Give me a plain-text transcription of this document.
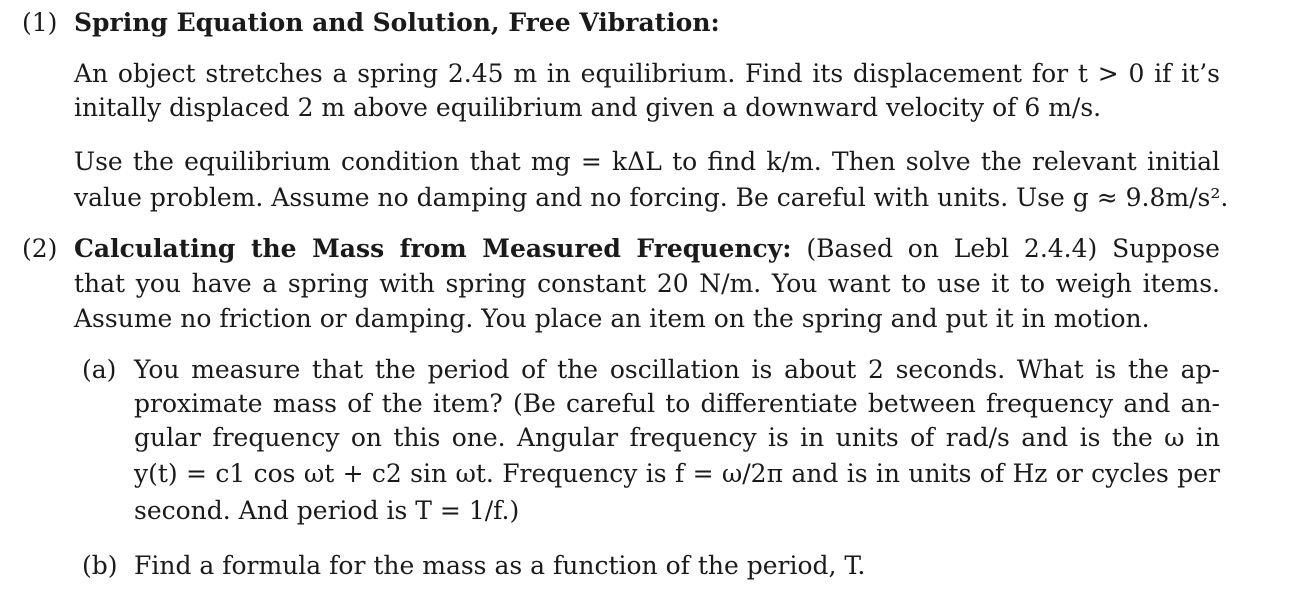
(1) Spring Equation and Solution, Free Vibration:
An object stretches a spring 2.45 m in equilibrium. Find its displacement for t > 0 if it’s
initally displaced 2 m above equilibrium and given a downward velocity of 6 m/s.
Use the equilibrium condition that mg = kΔL to find k/m. Then solve the relevant initial
value problem. Assume no damping and no forcing. Be careful with units. Use g ≈ 9.8m/s².
(2) Calculating the Mass from Measured Frequency: (Based on Lebl 2.4.4) Suppose
that you have a spring with spring constant 20 N/m. You want to use it to weigh items.
Assume no friction or damping. You place an item on the spring and put it in motion.
(a) You measure that the period of the oscillation is about 2 seconds. What is the ap-
proximate mass of the item? (Be careful to differentiate between frequency and an-
gular frequency on this one. Angular frequency is in units of rad/s and is the ω in
y(t) = c1 cos ωt + c2 sin ωt. Frequency is f = ω/2π and is in units of Hz or cycles per
second. And period is T = 1/f.)
(b) Find a formula for the mass as a function of the period, T.
